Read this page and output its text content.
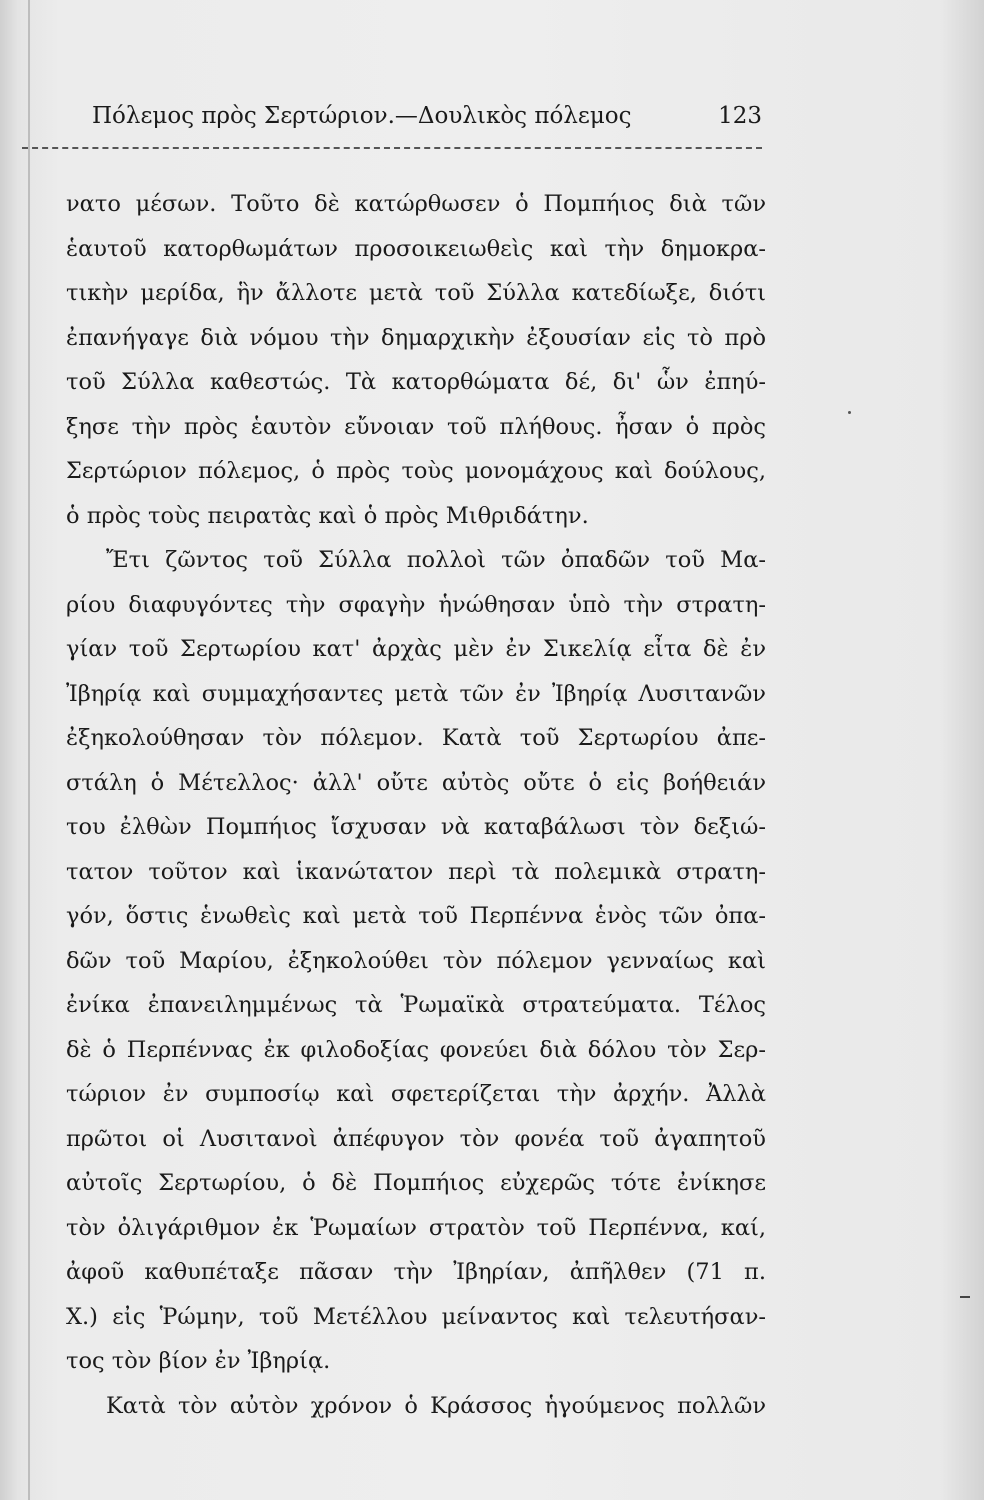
Πόλεμος πρὸς Σερτώριον.—Δουλικὸς πόλεμος	123
νατο μέσων. Τοῦτο δὲ κατώρθωσεν ὁ Πομπήιος διὰ τῶν
ἑαυτοῦ κατορθωμάτων προσοικειωθεὶς καὶ τὴν δημοκρα-
τικὴν μερίδα, ἣν ἄλλοτε μετὰ τοῦ Σύλλα κατεδίωξε, διότι
ἐπανήγαγε διὰ νόμου τὴν δημαρχικὴν ἐξουσίαν εἰς τὸ πρὸ
τοῦ Σύλλα καθεστώς. Τὰ κατορθώματα δέ, δι' ὧν ἐπηύ-
ξησε τὴν πρὸς ἑαυτὸν εὔνοιαν τοῦ πλήθους. ἦσαν ὁ πρὸς
Σερτώριον πόλεμος, ὁ πρὸς τοὺς μονομάχους καὶ δούλους,
ὁ πρὸς τοὺς πειρατὰς καὶ ὁ πρὸς Μιθριδάτην.
Ἔτι ζῶντος τοῦ Σύλλα πολλοὶ τῶν ὀπαδῶν τοῦ Μα-
ρίου διαφυγόντες τὴν σφαγὴν ἡνώθησαν ὑπὸ τὴν στρατη-
γίαν τοῦ Σερτωρίου κατ' ἀρχὰς μὲν ἐν Σικελίᾳ εἶτα δὲ ἐν
Ἰβηρίᾳ καὶ συμμαχήσαντες μετὰ τῶν ἐν Ἰβηρίᾳ Λυσιτανῶν
ἐξηκολούθησαν τὸν πόλεμον. Κατὰ τοῦ Σερτωρίου ἀπε-
στάλη ὁ Μέτελλος· ἀλλ' οὔτε αὐτὸς οὔτε ὁ εἰς βοήθειάν
του ἐλθὼν Πομπήιος ἴσχυσαν νὰ καταβάλωσι τὸν δεξιώ-
τατον τοῦτον καὶ ἱκανώτατον περὶ τὰ πολεμικὰ στρατη-
γόν, ὅστις ἑνωθεὶς καὶ μετὰ τοῦ Περπέννα ἑνὸς τῶν ὀπα-
δῶν τοῦ Μαρίου, ἐξηκολούθει τὸν πόλεμον γενναίως καὶ
ἐνίκα ἐπανειλημμένως τὰ Ῥωμαϊκὰ στρατεύματα. Τέλος
δὲ ὁ Περπέννας ἐκ φιλοδοξίας φονεύει διὰ δόλου τὸν Σερ-
τώριον ἐν συμποσίῳ καὶ σφετερίζεται τὴν ἀρχήν. Ἀλλὰ
πρῶτοι οἱ Λυσιτανοὶ ἀπέφυγον τὸν φονέα τοῦ ἀγαπητοῦ
αὐτοῖς Σερτωρίου, ὁ δὲ Πομπήιος εὐχερῶς τότε ἐνίκησε
τὸν ὀλιγάριθμον ἐκ Ῥωμαίων στρατὸν τοῦ Περπέννα, καί,
ἀφοῦ καθυπέταξε πᾶσαν τὴν Ἰβηρίαν, ἀπῆλθεν (71 π.
Χ.) εἰς Ῥώμην, τοῦ Μετέλλου μείναντος καὶ τελευτήσαν-
τος τὸν βίον ἐν Ἰβηρίᾳ.
Κατὰ τὸν αὐτὸν χρόνον ὁ Κράσσος ἡγούμενος πολλῶν
